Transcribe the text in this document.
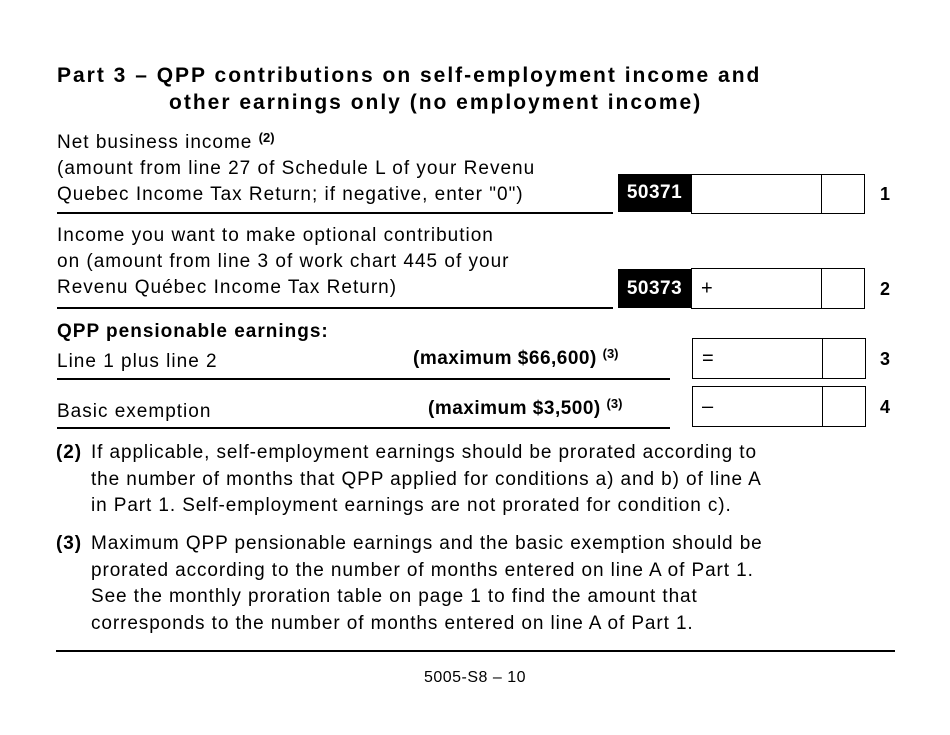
Part 3 – QPP contributions on self-employment income and
other earnings only (no employment income)
Net business income $^{(2)}$
(amount from line 27 of Schedule L of your Revenu
Quebec Income Tax Return; if negative, enter "0")	50371	1
Income you want to make optional contribution
on (amount from line 3 of work chart 445 of your
Revenu Québec Income Tax Return)	50373 +	2
QPP pensionable earnings:
Line 1 plus line 2	(maximum $66,600) $^{(3)}$	=	3
Basic exemption	(maximum $3,500) $^{(3)}$	–	4
(2) If applicable, self-employment earnings should be prorated according to
the number of months that QPP applied for conditions a) and b) of line A
in Part 1. Self-employment earnings are not prorated for condition c).
(3) Maximum QPP pensionable earnings and the basic exemption should be
prorated according to the number of months entered on line A of Part 1.
See the monthly proration table on page 1 to find the amount that
corresponds to the number of months entered on line A of Part 1.
5005-S8 – 10
